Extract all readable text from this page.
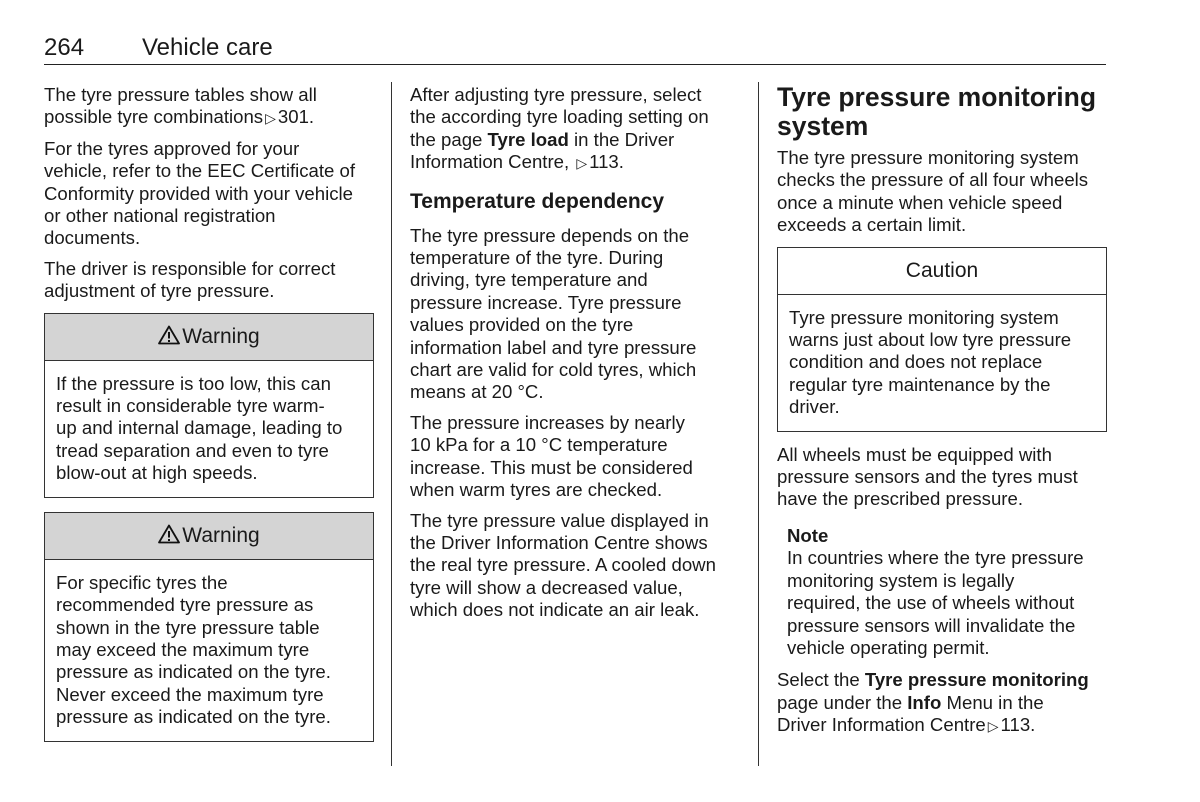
264 Vehicle care

The tyre pressure tables show all
possible tyre combinations ▷ 301.

For the tyres approved for your
vehicle, refer to the EEC Certificate of
Conformity provided with your vehicle
or other national registration
documents.

The driver is responsible for correct
adjustment of tyre pressure.

Warning
If the pressure is too low, this can
result in considerable tyre warm-
up and internal damage, leading to
tread separation and even to tyre
blow-out at high speeds.
Warning
For specific tyres the
recommended tyre pressure as
shown in the tyre pressure table
may exceed the maximum tyre
pressure as indicated on the tyre.
Never exceed the maximum tyre
pressure as indicated on the tyre.

After adjusting tyre pressure, select
the according tyre loading setting on
the page Tyre load in the Driver
Information Centre, ▷ 113.

Temperature dependency

The tyre pressure depends on the
temperature of the tyre. During
driving, tyre temperature and
pressure increase. Tyre pressure
values provided on the tyre
information label and tyre pressure
chart are valid for cold tyres, which
means at 20 °C.

The pressure increases by nearly
10 kPa for a 10 °C temperature
increase. This must be considered
when warm tyres are checked.

The tyre pressure value displayed in
the Driver Information Centre shows
the real tyre pressure. A cooled down
tyre will show a decreased value,
which does not indicate an air leak.

Tyre pressure monitoring
system

The tyre pressure monitoring system
checks the pressure of all four wheels
once a minute when vehicle speed
exceeds a certain limit.

Caution
Tyre pressure monitoring system
warns just about low tyre pressure
condition and does not replace
regular tyre maintenance by the
driver.

All wheels must be equipped with
pressure sensors and the tyres must
have the prescribed pressure.

Note
In countries where the tyre pressure
monitoring system is legally
required, the use of wheels without
pressure sensors will invalidate the
vehicle operating permit.

Select the Tyre pressure monitoring
page under the Info Menu in the
Driver Information Centre ▷ 113.
